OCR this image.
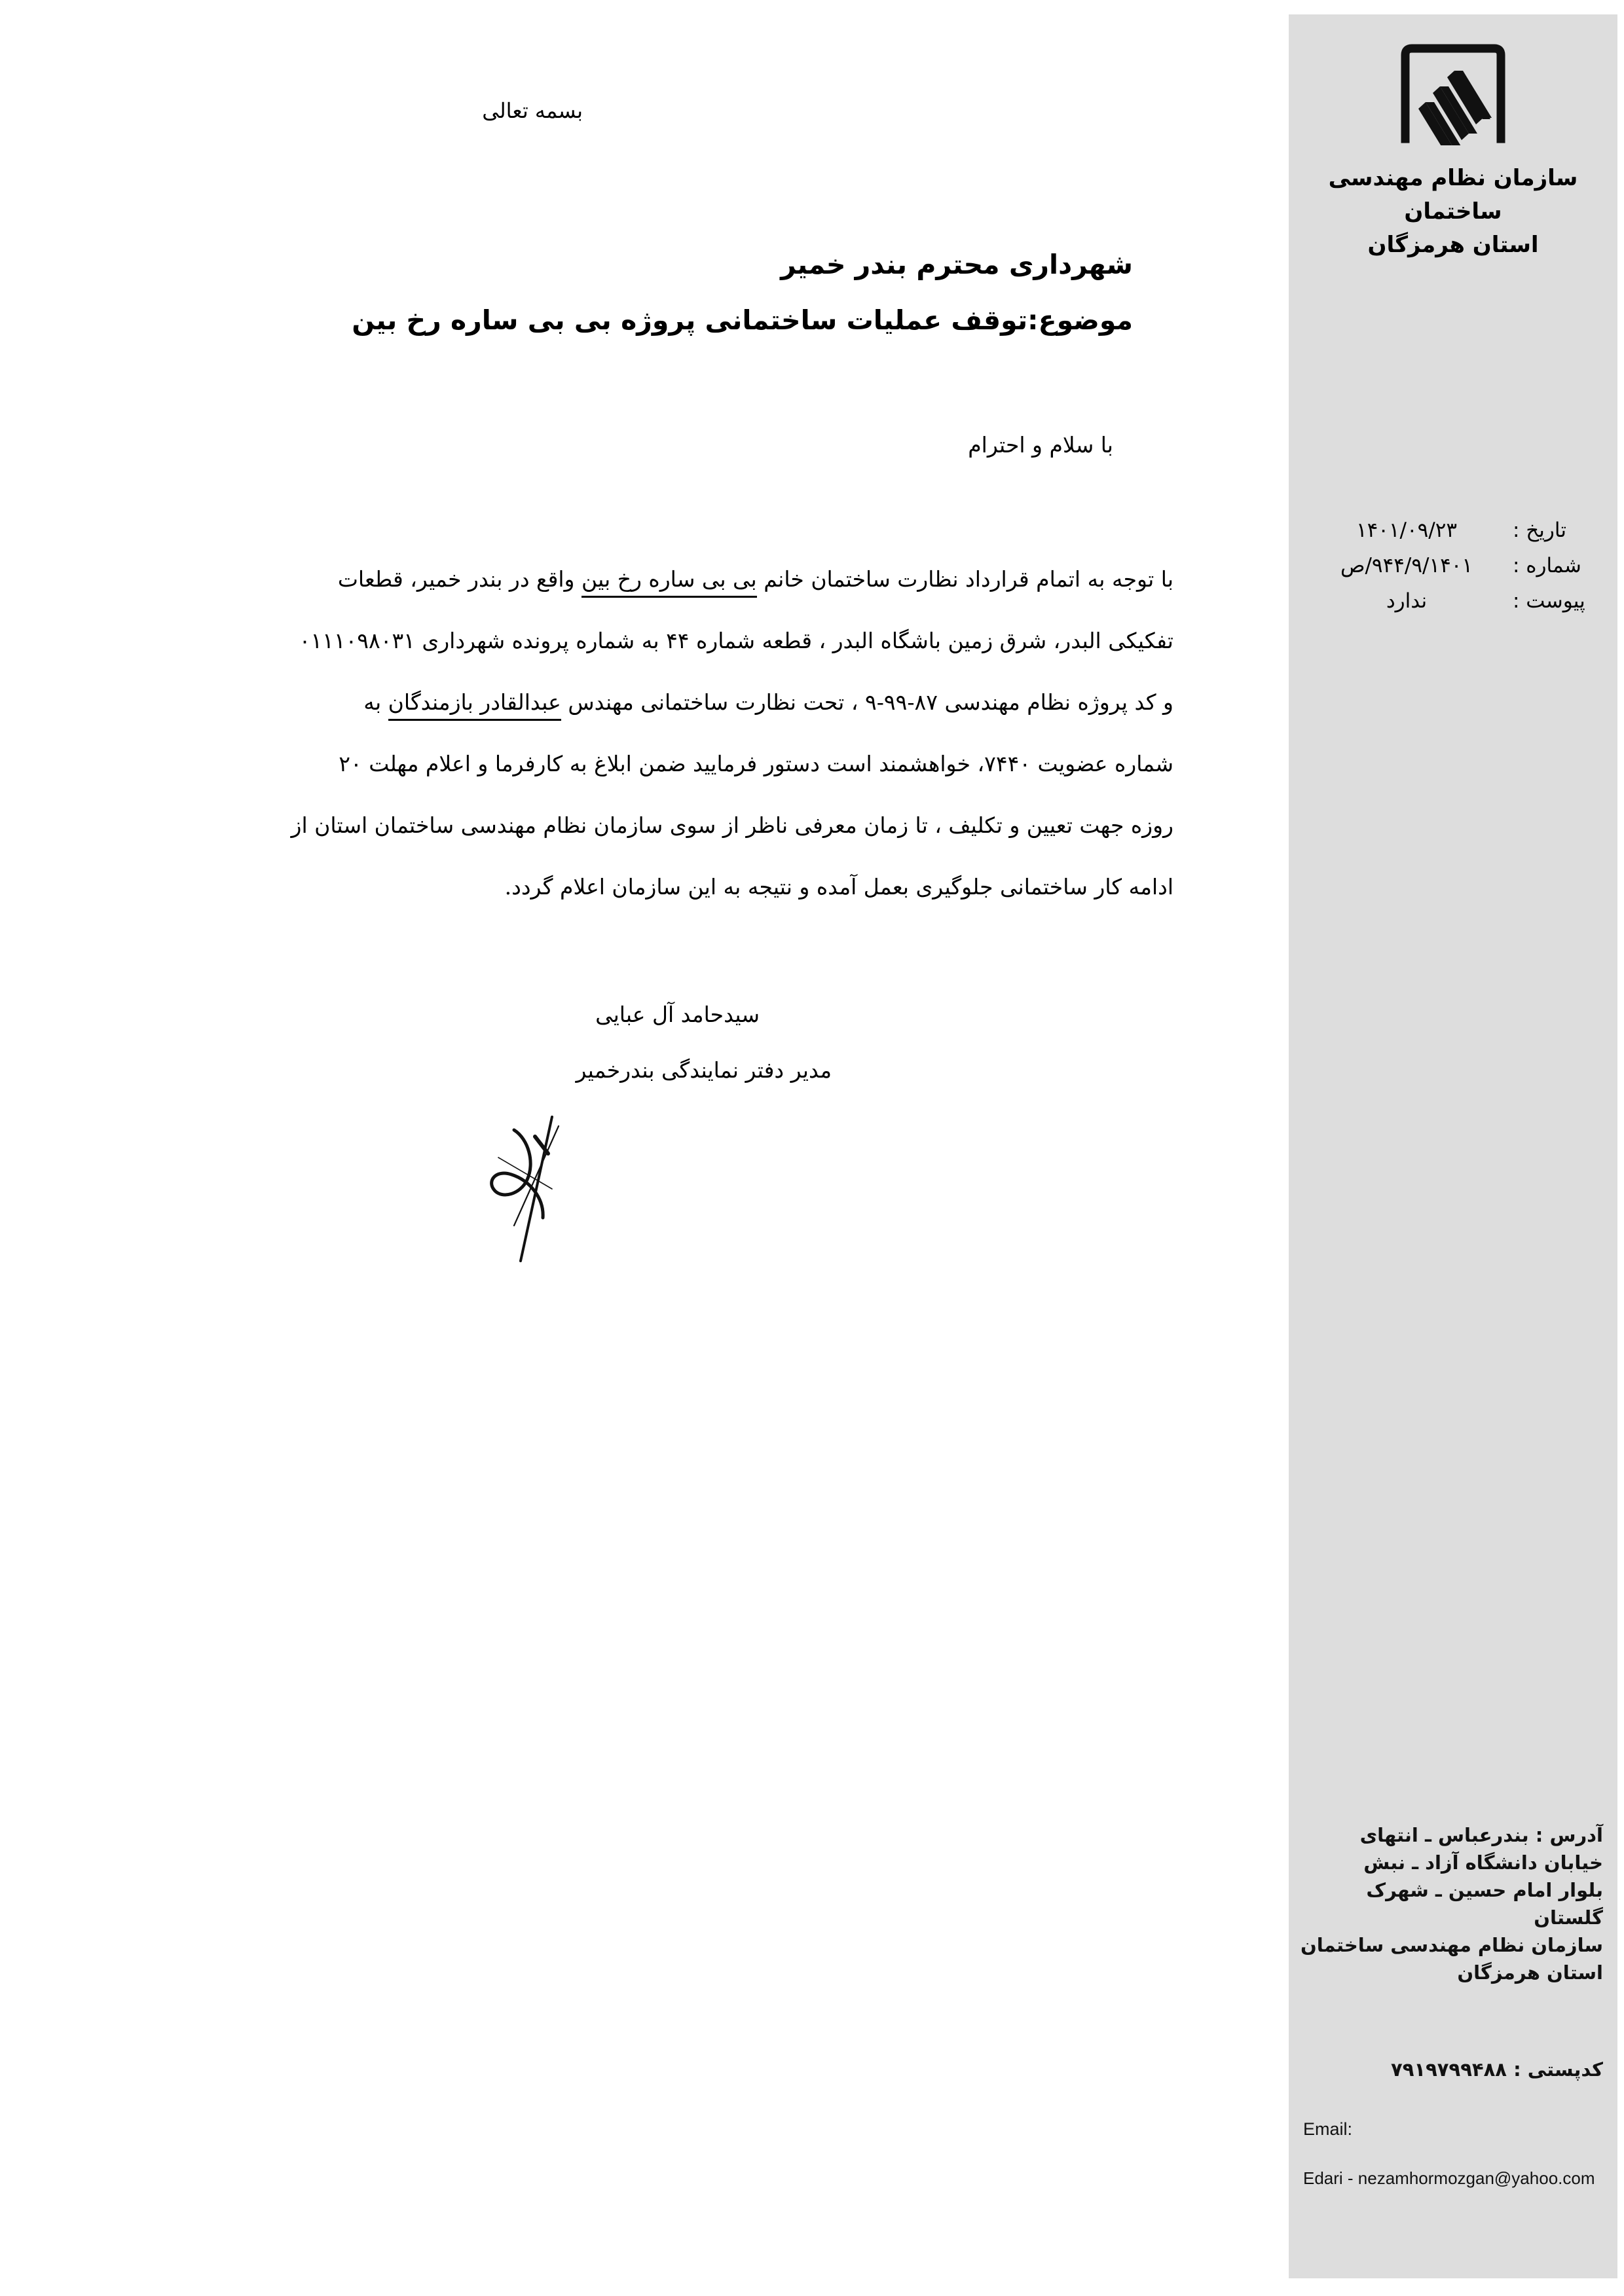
بسمه تعالی
شهرداری محترم بندر خمیر
موضوع:توقف عملیات ساختمانی پروژه بی بی ساره رخ بین
با سلام و احترام
با توجه به اتمام قرارداد نظارت ساختمان خانم بی بی ساره رخ بین واقع در بندر خمیر، قطعات
تفکیکی البدر، شرق زمین باشگاه البدر ، قطعه شماره ۴۴ به شماره پرونده شهرداری ۰۱۱۱۰۹۸۰۳۱
و کد پروژه نظام مهندسی ۸۷-۹۹-۹ ، تحت نظارت ساختمانی مهندس عبدالقادر بازمندگان به
شماره عضویت ۷۴۴۰، خواهشمند است دستور فرمایید ضمن ابلاغ به کارفرما و اعلام مهلت ۲۰
روزه جهت تعیین و تکلیف ، تا زمان معرفی ناظر از سوی سازمان نظام مهندسی ساختمان استان از
ادامه کار ساختمانی جلوگیری بعمل آمده و نتیجه به این سازمان اعلام گردد.
سیدحامد آل عبایی
مدیر دفتر نمایندگی بندرخمیر
سازمان نظام مهندسی ساختمان
استان هرمزگان
تاریخ :
۱۴۰۱/۰۹/۲۳
شماره :
۹۴۴/۹/۱۴۰۱/ص
پیوست :
ندارد
آدرس : بندرعباس ـ انتهای
خیابان دانشگاه آزاد ـ نبش
بلوار امام حسین ـ شهرک
گلستان
سازمان نظام مهندسی ساختمان
استان هرمزگان
کدپستی : ۷۹۱۹۷۹۹۴۸۸
Email:
Edari - nezamhormozgan@yahoo.com
